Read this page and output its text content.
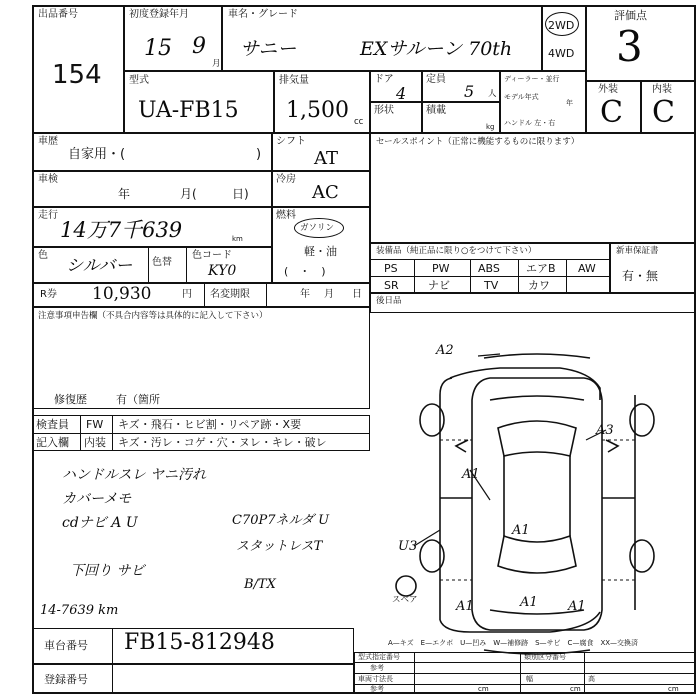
出品番号
154
初度登録年月
15 9
月
車名・グレード
サニー	EXサルーン 70th
2WD
4WD
評価点
3
型式
UA-FB15
排気量
1,500 cc
ドア
4
定員
5 人
形状	積載
kg
ディーラー・並行
モデル年式
年
ハンドル 左・右
外装	内装
C C
車歴
自家用・(	)
シフト
AT
車検
年	月(	日)
冷房
AC
走行
14万7千639	km
燃料
ガソリン
軽・油
(　・　)
色
シルバー 色替
色コード
KY0
R券 10,930	円 名変期限	年 月 日
セールスポイント（正常に機能するものに限ります）
装備品（純正品に限り○をつけて下さい）
PS	PW	ABS エアB AW
SR	ナビ	TV	カワ
新車保証書
有・無
後日品
注意事項申告欄（不具合内容等は具体的に記入して下さい）
修復歴	有（箇所
検査員
記入欄
FW キズ・飛石・ヒビ割・リペア跡・X要
内装 キズ・汚レ・コゲ・穴・ヌレ・キレ・破レ
ハンドルスレ ヤニ汚れ
カバーメモ
cdナビ A U
下回り サビ
14-7639 km
C70P7ネルダ U
スタットレスT
B/TX
A3
A1
A1
U3
A2
A1	A1 A1
スペア
A—キズ　E—エクボ　U—凹み　W—補修跡　S—サビ　C—腐食　XX—交換済
車台番号 FB15-812948
登録番号
型式指定番号	類別区分番号
参考
車両寸法長
cm
幅
cm
高
cm
参考
